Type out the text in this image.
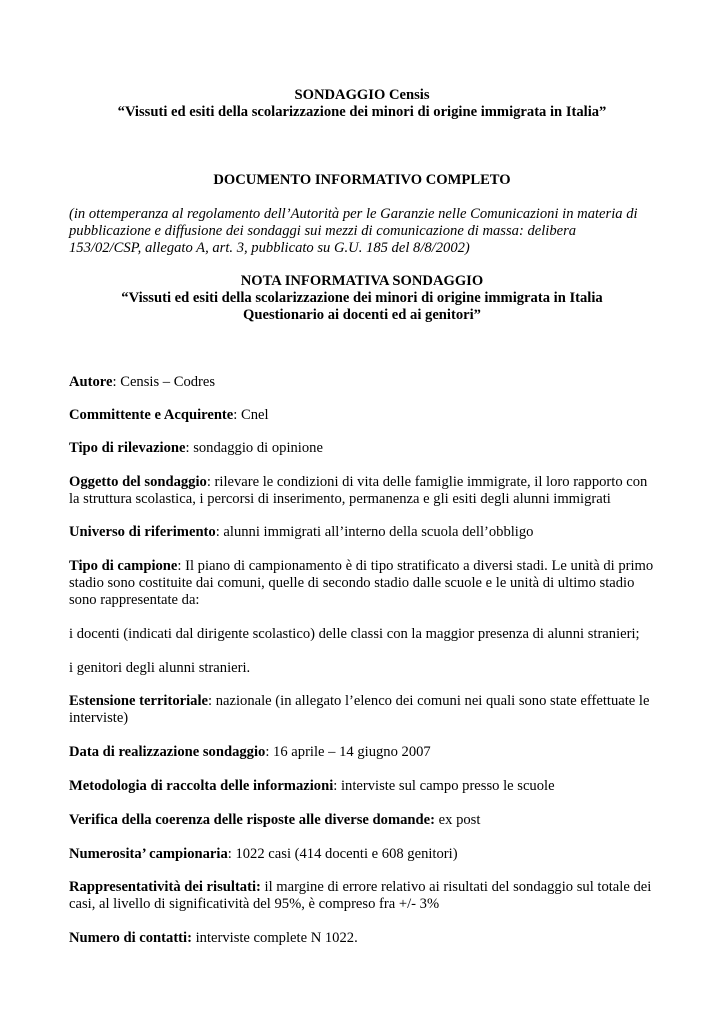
SONDAGGIO Censis
“Vissuti ed esiti della scolarizzazione dei minori di origine immigrata in Italia”
DOCUMENTO INFORMATIVO COMPLETO
(in ottemperanza al regolamento dell’Autorità per le Garanzie nelle Comunicazioni in materia di
pubblicazione e diffusione dei sondaggi sui mezzi di comunicazione di massa: delibera
153/02/CSP, allegato A, art. 3, pubblicato su G.U. 185 del 8/8/2002)
NOTA INFORMATIVA SONDAGGIO
“Vissuti ed esiti della scolarizzazione dei minori di origine immigrata in Italia
Questionario ai docenti ed ai genitori”
Autore: Censis – Codres
Committente e Acquirente: Cnel
Tipo di rilevazione: sondaggio di opinione
Oggetto del sondaggio: rilevare le condizioni di vita delle famiglie immigrate, il loro rapporto con
la struttura scolastica, i percorsi di inserimento, permanenza e gli esiti degli alunni immigrati
Universo di riferimento: alunni immigrati all’interno della scuola dell’obbligo
Tipo di campione: Il piano di campionamento è di tipo stratificato a diversi stadi. Le unità di primo
stadio sono costituite dai comuni, quelle di secondo stadio dalle scuole e le unità di ultimo stadio
sono rappresentate da:
i docenti (indicati dal dirigente scolastico) delle classi con la maggior presenza di alunni stranieri;
i genitori degli alunni stranieri.
Estensione territoriale: nazionale (in allegato l’elenco dei comuni nei quali sono state effettuate le
interviste)
Data di realizzazione sondaggio: 16 aprile – 14 giugno 2007
Metodologia di raccolta delle informazioni: interviste sul campo presso le scuole
Verifica della coerenza delle risposte alle diverse domande: ex post
Numerosita’ campionaria: 1022 casi (414 docenti e 608 genitori)
Rappresentatività dei risultati: il margine di errore relativo ai risultati del sondaggio sul totale dei
casi, al livello di significatività del 95%, è compreso fra +/- 3%
Numero di contatti: interviste complete N 1022.
